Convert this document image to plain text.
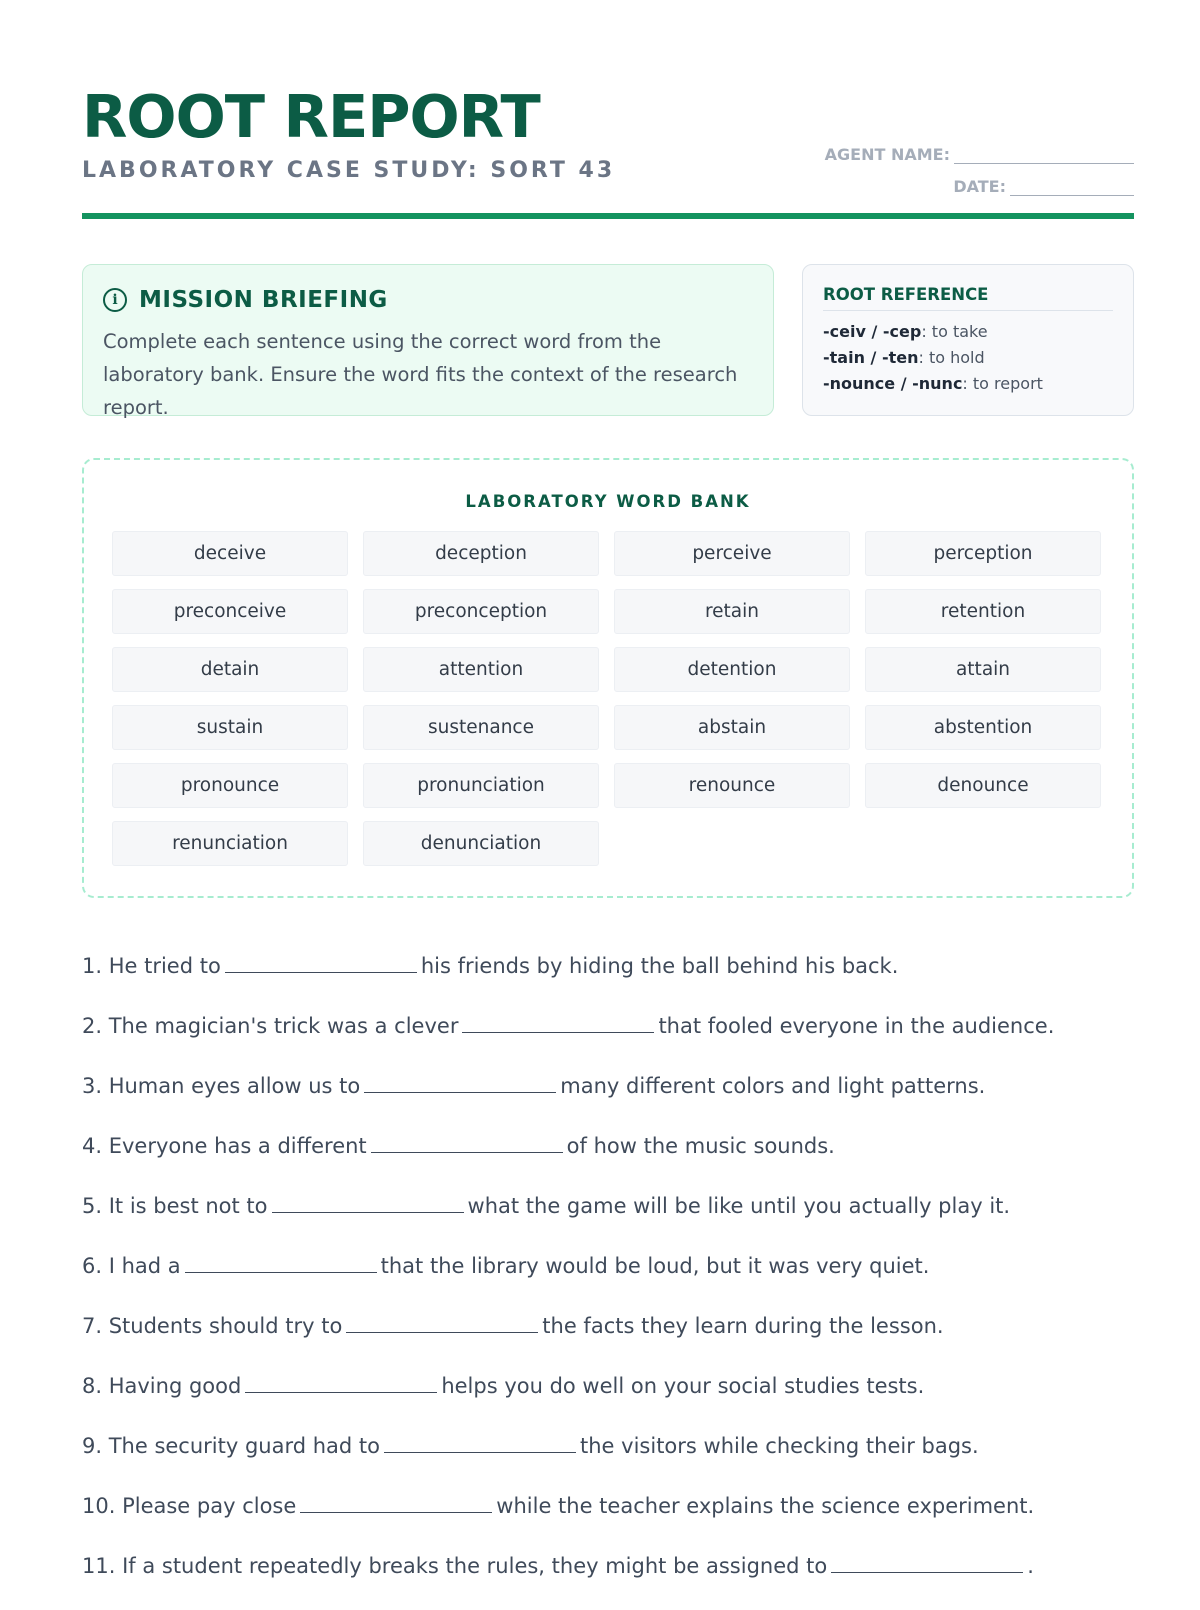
ROOT REPORT
LABORATORY CASE STUDY: SORT 43
AGENT NAME:
DATE:
i MISSION BRIEFING
Complete each sentence using the correct word from the laboratory bank. Ensure the word fits the context of the research report.
ROOT REFERENCE
-ceiv / -cep: to take
-tain / -ten: to hold
-nounce / -nunc: to report
LABORATORY WORD BANK
deceive	deception	perceive	perception
preconceive	preconception	retain	retention
detain	attention	detention	attain
sustain	sustenance	abstain	abstention
pronounce	pronunciation	renounce	denounce
renunciation	denunciation
1. He tried to	his friends by hiding the ball behind his back.
2. The magician's trick was a clever	that fooled everyone in the audience.
3. Human eyes allow us to	many different colors and light patterns.
4. Everyone has a different	of how the music sounds.
5. It is best not to	what the game will be like until you actually play it.
6. I had a	that the library would be loud, but it was very quiet.
7. Students should try to	the facts they learn during the lesson.
8. Having good	helps you do well on your social studies tests.
9. The security guard had to	the visitors while checking their bags.
10. Please pay close	while the teacher explains the science experiment.
11. If a student repeatedly breaks the rules, they might be assigned to	.
